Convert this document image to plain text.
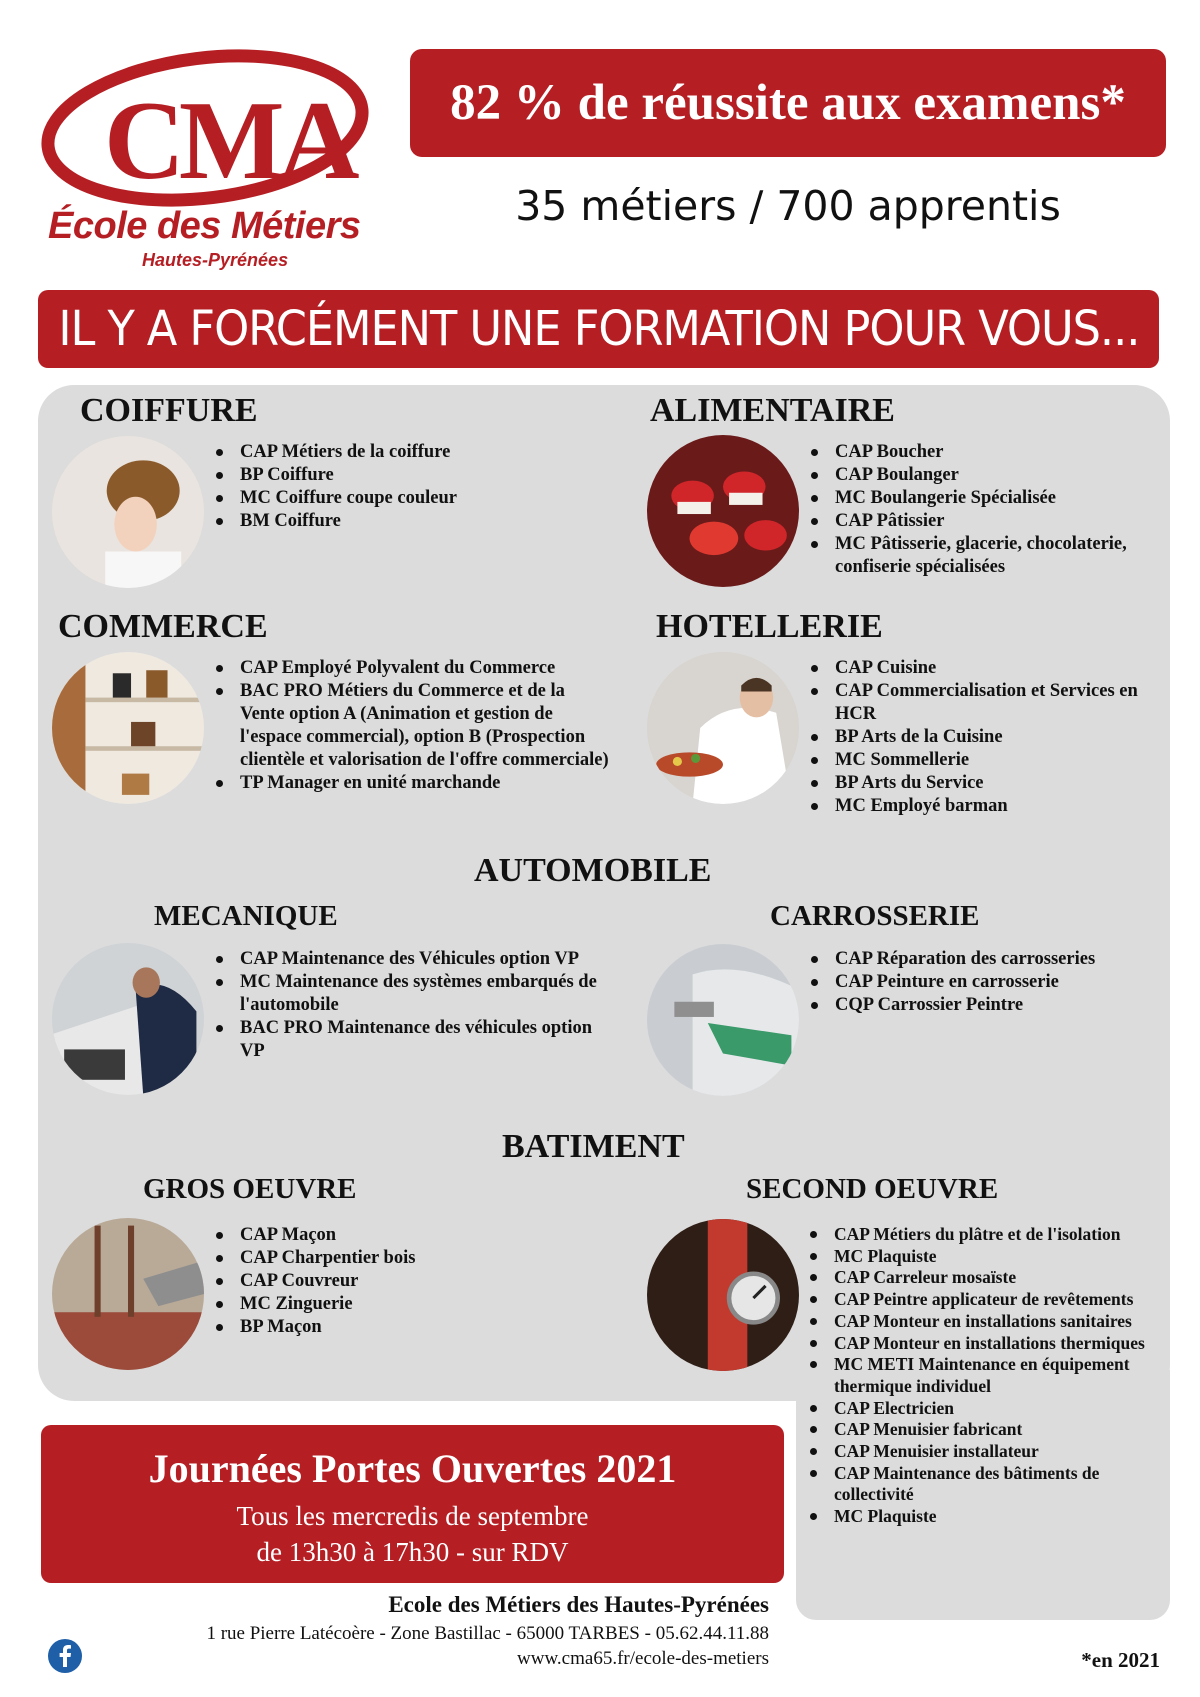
CMA
École des Métiers
Hautes-Pyrénées
82 % de réussite aux examens*
35 métiers / 700 apprentis
IL Y A FORCÉMENT UNE FORMATION POUR VOUS...
COIFFURE
CAP Métiers de la coiffure
BP Coiffure
MC Coiffure coupe couleur
BM Coiffure
ALIMENTAIRE
CAP Boucher
CAP Boulanger
MC Boulangerie Spécialisée
CAP Pâtissier
MC Pâtisserie, glacerie, chocolaterie, confiserie spécialisées
COMMERCE
CAP Employé Polyvalent du Commerce
BAC PRO Métiers du Commerce et de la Vente option A (Animation et gestion de l'espace commercial), option B (Prospection clientèle et valorisation de l'offre commerciale)
TP Manager en unité marchande
HOTELLERIE
CAP Cuisine
CAP Commercialisation et Services en HCR
BP Arts de la Cuisine
MC Sommellerie
BP Arts du Service
MC Employé barman
AUTOMOBILE
MECANIQUE
CAP Maintenance des Véhicules option VP
MC Maintenance des systèmes embarqués de l'automobile
BAC PRO Maintenance des véhicules option VP
CARROSSERIE
CAP Réparation des carrosseries
CAP Peinture en carrosserie
CQP Carrossier Peintre
BATIMENT
GROS OEUVRE
CAP Maçon
CAP Charpentier bois
CAP Couvreur
MC Zinguerie
BP Maçon
SECOND OEUVRE
CAP Métiers du plâtre et de l'isolation
MC Plaquiste
CAP Carreleur mosaïste
CAP Peintre applicateur de revêtements
CAP Monteur en installations sanitaires
CAP Monteur en installations thermiques
MC METI Maintenance en équipement thermique individuel
CAP Electricien
CAP Menuisier fabricant
CAP Menuisier installateur
CAP Maintenance des bâtiments de collectivité
MC Plaquiste
Journées Portes Ouvertes 2021
Tous les mercredis de septembre
de 13h30 à 17h30 - sur RDV
Ecole des Métiers des Hautes-Pyrénées
1 rue Pierre Latécoère - Zone Bastillac - 65000 TARBES - 05.62.44.11.88
www.cma65.fr/ecole-des-metiers	*en 2021
